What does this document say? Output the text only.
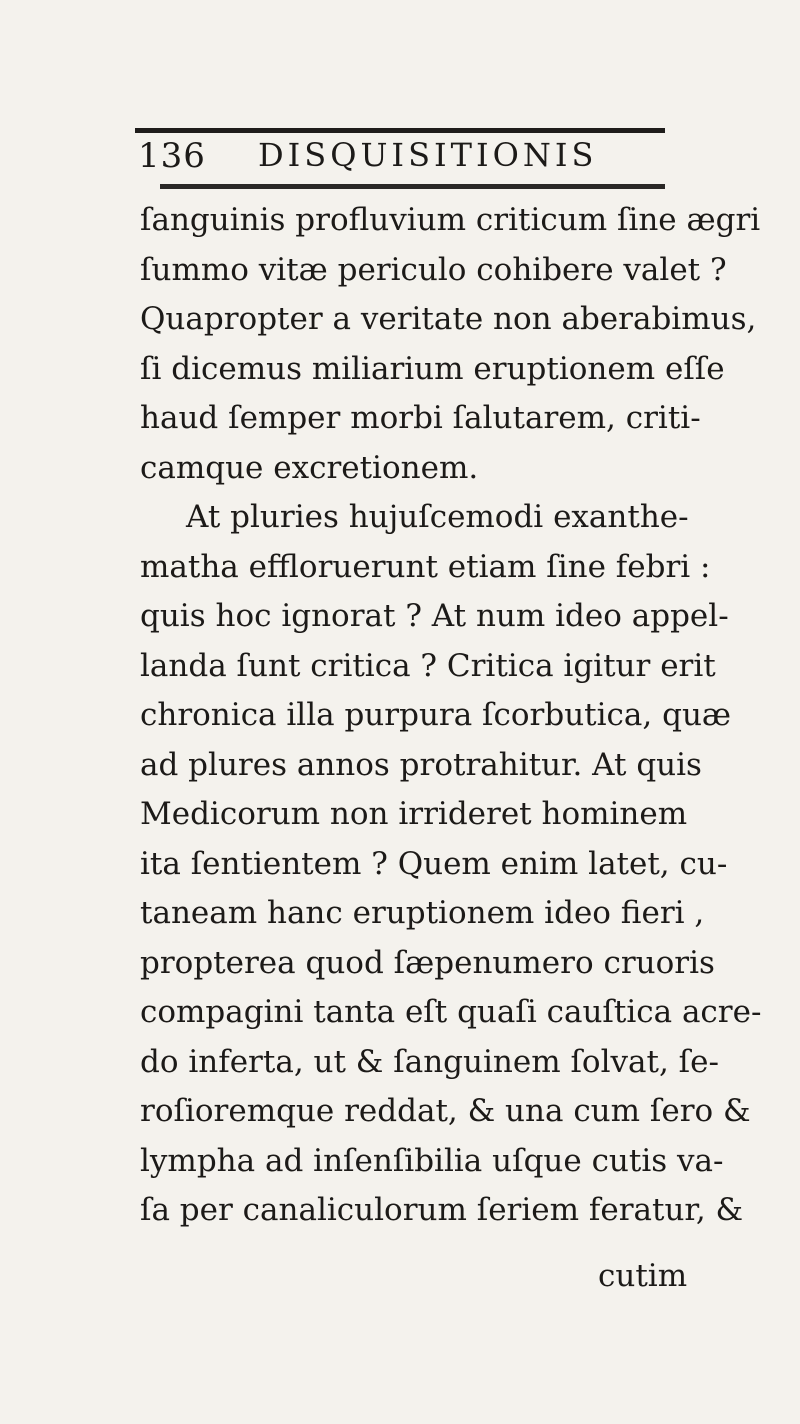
136 DISQUISITIONIS
ſanguinis profluvium criticum ſine ægri
ſummo vitæ periculo cohibere valet ?
Quapropter a veritate non aberabimus,
ſi dicemus miliarium eruptionem eſſe
haud ſemper morbi ſalutarem, criti-
camque excretionem.
At pluries hujuſcemodi exanthe-
matha effloruerunt etiam ſine febri :
quis hoc ignorat ? At num ideo appel-
landa ſunt critica ? Critica igitur erit
chronica illa purpura ſcorbutica, quæ
ad plures annos protrahitur. At quis
Medicorum non irrideret hominem
ita ſentientem ? Quem enim latet, cu-
taneam hanc eruptionem ideo fieri ,
propterea quod ſæpenumero cruoris
compagini tanta eſt quaſi cauſtica acre-
do inferta, ut & ſanguinem ſolvat, ſe-
roſioremque reddat, & una cum ſero &
lympha ad inſenſibilia uſque cutis va-
ſa per canaliculorum ſeriem feratur, &
cutim
